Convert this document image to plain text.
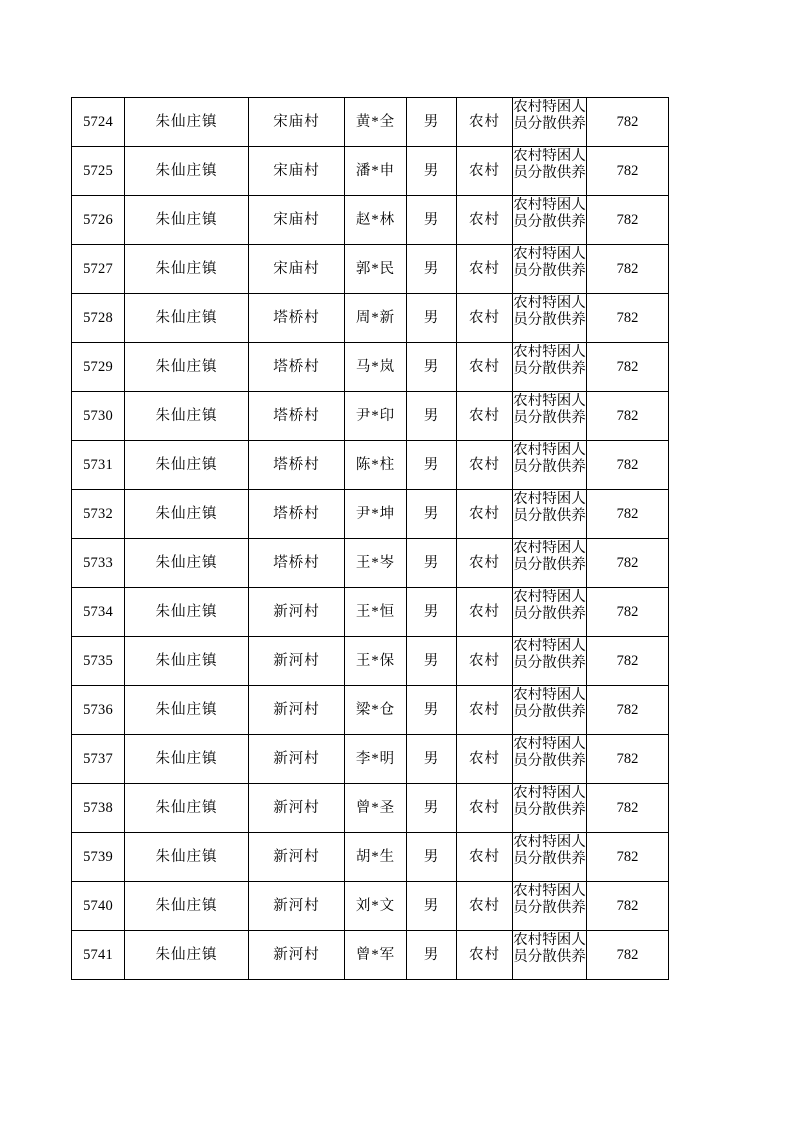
5724	朱仙庄镇	宋庙村	黄*全	男	农村	农村特困人员分散供养	782
5725	朱仙庄镇	宋庙村	潘*申	男	农村	农村特困人员分散供养	782
5726	朱仙庄镇	宋庙村	赵*林	男	农村	农村特困人员分散供养	782
5727	朱仙庄镇	宋庙村	郭*民	男	农村	农村特困人员分散供养	782
5728	朱仙庄镇	塔桥村	周*新	男	农村	农村特困人员分散供养	782
5729	朱仙庄镇	塔桥村	马*岚	男	农村	农村特困人员分散供养	782
5730	朱仙庄镇	塔桥村	尹*印	男	农村	农村特困人员分散供养	782
5731	朱仙庄镇	塔桥村	陈*柱	男	农村	农村特困人员分散供养	782
5732	朱仙庄镇	塔桥村	尹*坤	男	农村	农村特困人员分散供养	782
5733	朱仙庄镇	塔桥村	王*岑	男	农村	农村特困人员分散供养	782
5734	朱仙庄镇	新河村	王*恒	男	农村	农村特困人员分散供养	782
5735	朱仙庄镇	新河村	王*保	男	农村	农村特困人员分散供养	782
5736	朱仙庄镇	新河村	梁*仓	男	农村	农村特困人员分散供养	782
5737	朱仙庄镇	新河村	李*明	男	农村	农村特困人员分散供养	782
5738	朱仙庄镇	新河村	曾*圣	男	农村	农村特困人员分散供养	782
5739	朱仙庄镇	新河村	胡*生	男	农村	农村特困人员分散供养	782
5740	朱仙庄镇	新河村	刘*文	男	农村	农村特困人员分散供养	782
5741	朱仙庄镇	新河村	曾*军	男	农村	农村特困人员分散供养	782
